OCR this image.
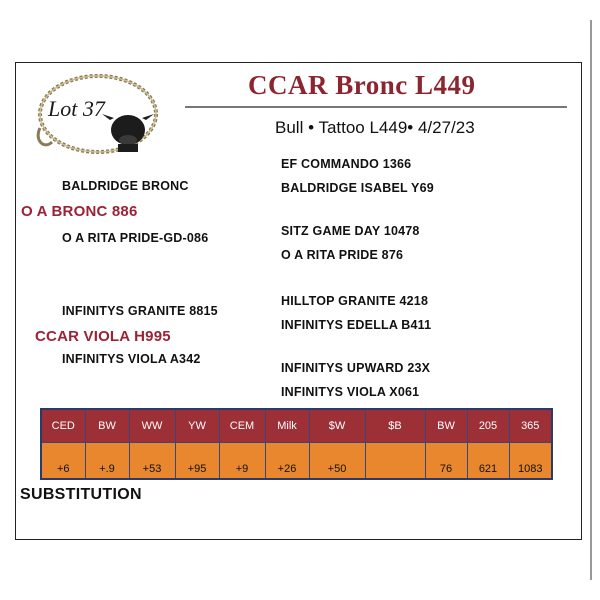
Lot 37
CCAR Bronc L449
Bull • Tattoo L449• 4/27/23
BALDRIDGE BRONC
O A BRONC 886
O A RITA PRIDE-GD-086
EF COMMANDO 1366
BALDRIDGE ISABEL Y69
SITZ GAME DAY 10478
O A RITA PRIDE 876
INFINITYS GRANITE 8815
CCAR VIOLA H995
INFINITYS VIOLA A342
HILLTOP GRANITE 4218
INFINITYS EDELLA B411
INFINITYS UPWARD 23X
INFINITYS VIOLA X061
CED	BW	WW	YW	CEM	Milk	$W	$B	BW	205	365
+6	+.9	+53	+95	+9	+26	+50		76	621	1083
SUBSTITUTION
